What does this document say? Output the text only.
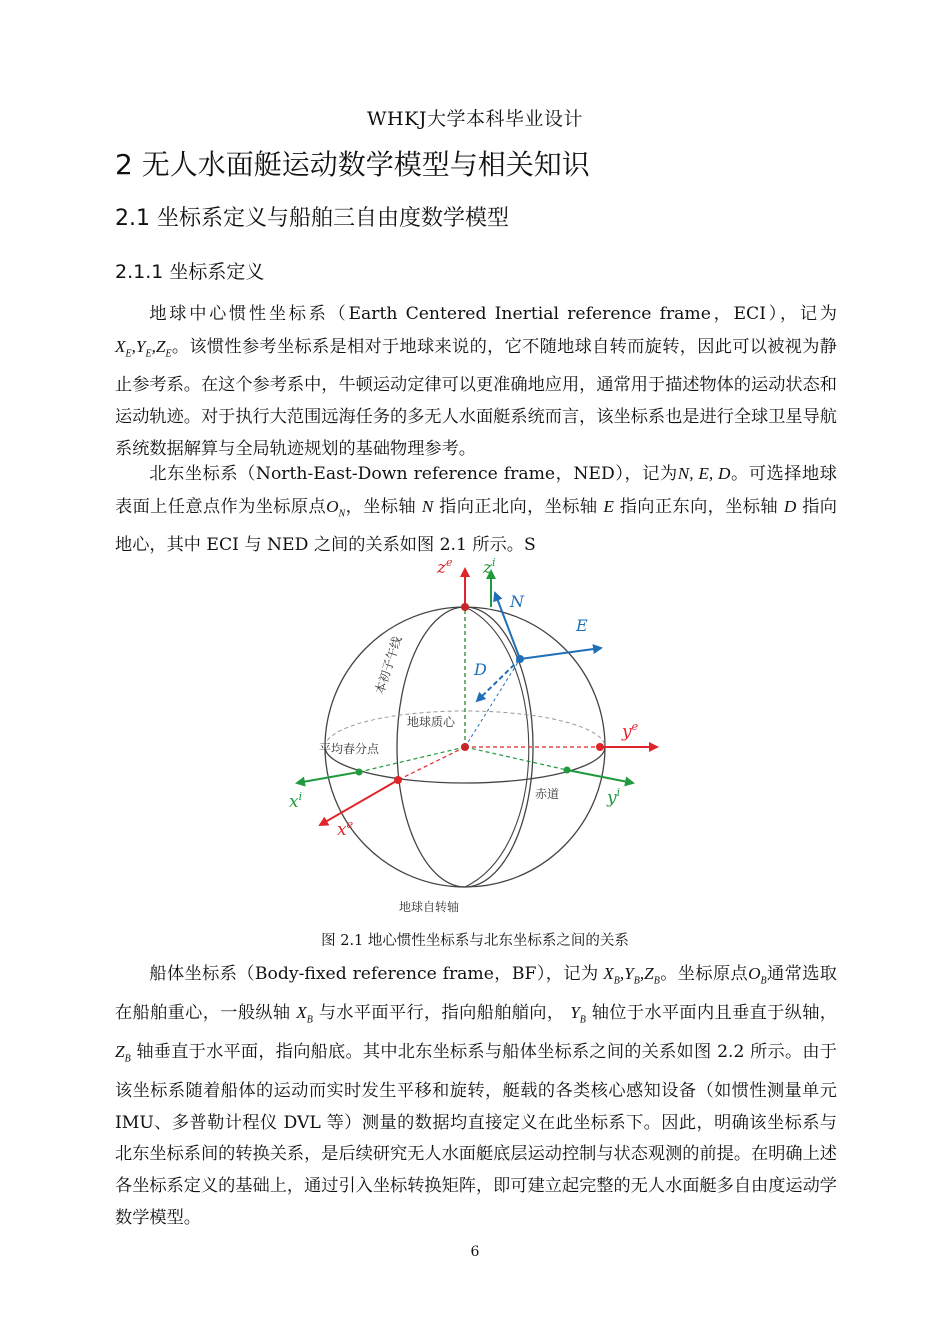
WHKJ大学本科毕业设计
2 无人水面艇运动数学模型与相关知识
2.1 坐标系定义与船舶三自由度数学模型
2.1.1 坐标系定义

地球中心惯性坐标系（Earth Centered Inertial reference frame，ECI），记为 $X_E,Y_E,Z_E$。该惯性参考坐标系是相对于地球来说的，它不随地球自转而旋转，因此可以被视为静止参考系。在这个参考系中，牛顿运动定律可以更准确地应用，通常用于描述物体的运动状态和运动轨迹。对于执行大范围远海任务的多无人水面艇系统而言，该坐标系也是进行全球卫星导航系统数据解算与全局轨迹规划的基础物理参考。

北东坐标系（North-East-Down reference frame，NED），记为N, E, D。可选择地球表面上任意点作为坐标原点$O_N$，坐标轴 N 指向正北向，坐标轴 E 指向正东向，坐标轴 D 指向地心，其中 ECI 与 NED 之间的关系如图 2.1 所示。S

$z^e$ $z^i$
N
E
D
$y^e$
$y^i$
$x^i$
$x^e$
本初子午线
地球质心
平均春分点
赤道
地球自转轴
图 2.1 地心惯性坐标系与北东坐标系之间的关系

船体坐标系（Body-fixed reference frame，BF），记为 $X_B,Y_B,Z_B$。坐标原点$O_B$通常选取在船舶重心，一般纵轴 $X_B$ 与水平面平行，指向船舶艏向， $Y_B$ 轴位于水平面内且垂直于纵轴， $Z_B$ 轴垂直于水平面，指向船底。其中北东坐标系与船体坐标系之间的关系如图 2.2 所示。由于该坐标系随着船体的运动而实时发生平移和旋转，艇载的各类核心感知设备（如惯性测量单元 IMU、多普勒计程仪 DVL 等）测量的数据均直接定义在此坐标系下。因此，明确该坐标系与北东坐标系间的转换关系，是后续研究无人水面艇底层运动控制与状态观测的前提。在明确上述各坐标系定义的基础上，通过引入坐标转换矩阵，即可建立起完整的无人水面艇多自由度运动学数学模型。

6
